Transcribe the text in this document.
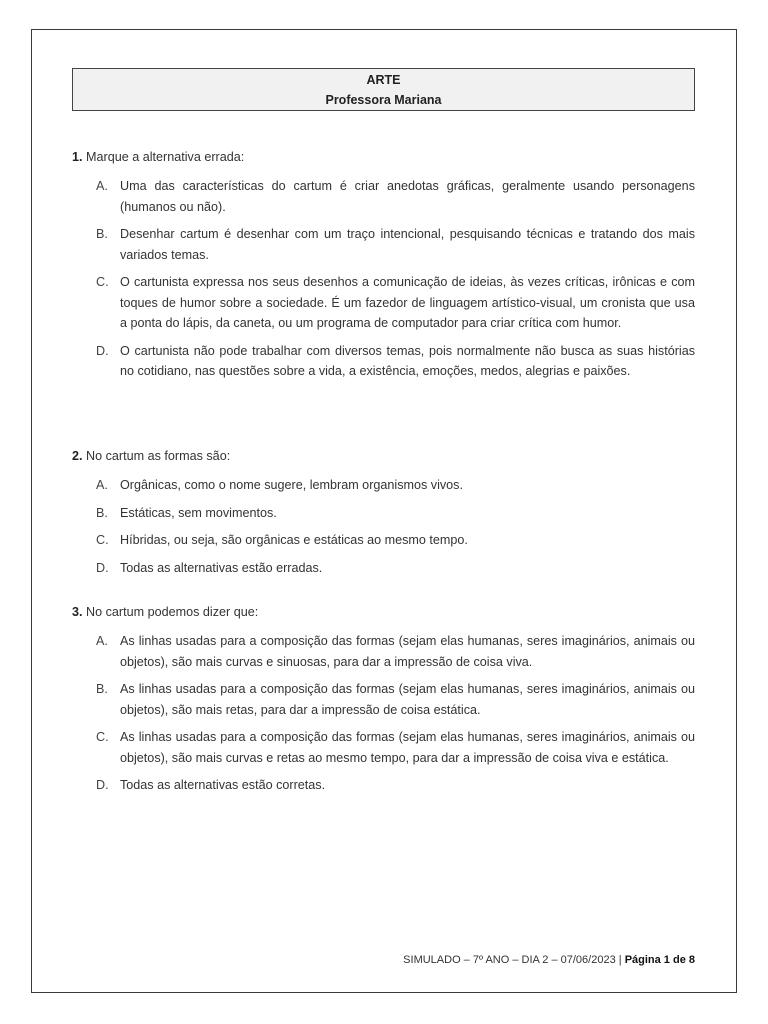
ARTE
Professora Mariana
1. Marque a alternativa errada:
A. Uma das características do cartum é criar anedotas gráficas, geralmente usando personagens (humanos ou não).
B. Desenhar cartum é desenhar com um traço intencional, pesquisando técnicas e tratando dos mais variados temas.
C. O cartunista expressa nos seus desenhos a comunicação de ideias, às vezes críticas, irônicas e com toques de humor sobre a sociedade. É um fazedor de linguagem artístico-visual, um cronista que usa a ponta do lápis, da caneta, ou um programa de computador para criar crítica com humor.
D. O cartunista não pode trabalhar com diversos temas, pois normalmente não busca as suas histórias no cotidiano, nas questões sobre a vida, a existência, emoções, medos, alegrias e paixões.
2. No cartum as formas são:
A. Orgânicas, como o nome sugere, lembram organismos vivos.
B. Estáticas, sem movimentos.
C. Híbridas, ou seja, são orgânicas e estáticas ao mesmo tempo.
D. Todas as alternativas estão erradas.
3. No cartum podemos dizer que:
A. As linhas usadas para a composição das formas (sejam elas humanas, seres imaginários, animais ou objetos), são mais curvas e sinuosas, para dar a impressão de coisa viva.
B. As linhas usadas para a composição das formas (sejam elas humanas, seres imaginários, animais ou objetos), são mais retas, para dar a impressão de coisa estática.
C. As linhas usadas para a composição das formas (sejam elas humanas, seres imaginários, animais ou objetos), são mais curvas e retas ao mesmo tempo, para dar a impressão de coisa viva e estática.
D. Todas as alternativas estão corretas.
SIMULADO – 7º ANO – DIA 2 – 07/06/2023 | Página 1 de 8
